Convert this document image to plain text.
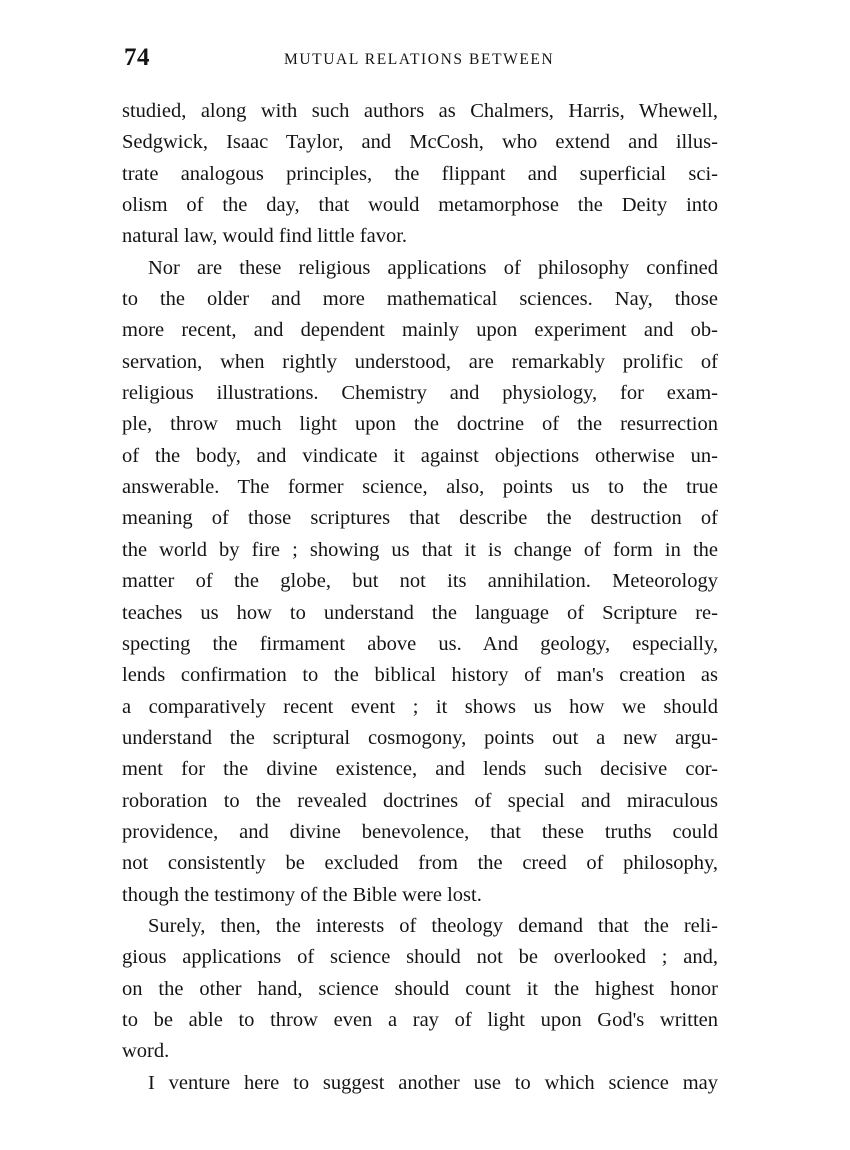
74	MUTUAL RELATIONS BETWEEN
studied, along with such authors as Chalmers, Harris, Whewell,
Sedgwick, Isaac Taylor, and McCosh, who extend and illus-
trate analogous principles, the flippant and superficial sci-
olism of the day, that would metamorphose the Deity into
natural law, would find little favor.
Nor are these religious applications of philosophy confined
to the older and more mathematical sciences. Nay, those
more recent, and dependent mainly upon experiment and ob-
servation, when rightly understood, are remarkably prolific of
religious illustrations. Chemistry and physiology, for exam-
ple, throw much light upon the doctrine of the resurrection
of the body, and vindicate it against objections otherwise un-
answerable. The former science, also, points us to the true
meaning of those scriptures that describe the destruction of
the world by fire ; showing us that it is change of form in the
matter of the globe, but not its annihilation. Meteorology
teaches us how to understand the language of Scripture re-
specting the firmament above us. And geology, especially,
lends confirmation to the biblical history of man's creation as
a comparatively recent event ; it shows us how we should
understand the scriptural cosmogony, points out a new argu-
ment for the divine existence, and lends such decisive cor-
roboration to the revealed doctrines of special and miraculous
providence, and divine benevolence, that these truths could
not consistently be excluded from the creed of philosophy,
though the testimony of the Bible were lost.
Surely, then, the interests of theology demand that the reli-
gious applications of science should not be overlooked ; and,
on the other hand, science should count it the highest honor
to be able to throw even a ray of light upon God's written
word.
I venture here to suggest another use to which science may
